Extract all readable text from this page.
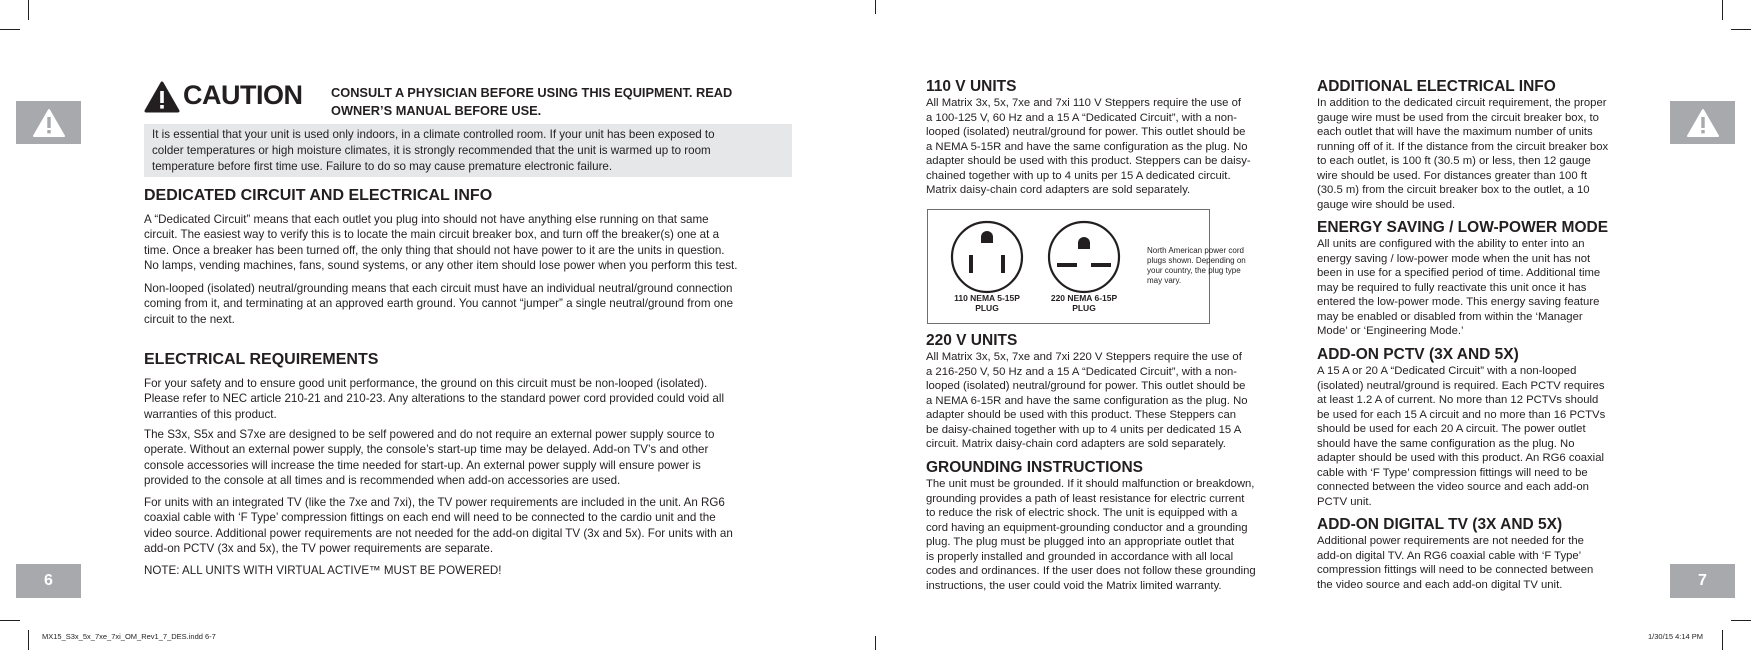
6	7
CAUTION CONSULT A PHYSICIAN BEFORE USING THIS EQUIPMENT. READ
OWNER’S MANUAL BEFORE USE.
It is essential that your unit is used only indoors, in a climate controlled room. If your unit has been exposed to
colder temperatures or high moisture climates, it is strongly recommended that the unit is warmed up to room
temperature before first time use. Failure to do so may cause premature electronic failure.
DEDICATED CIRCUIT AND ELECTRICAL INFO

A “Dedicated Circuit” means that each outlet you plug into should not have anything else running on that same

circuit. The easiest way to verify this is to locate the main circuit breaker box, and turn off the breaker(s) one at a

time. Once a breaker has been turned off, the only thing that should not have power to it are the units in question.

No lamps, vending machines, fans, sound systems, or any other item should lose power when you perform this test.

Non-looped (isolated) neutral/grounding means that each circuit must have an individual neutral/ground connection

coming from it, and terminating at an approved earth ground. You cannot “jumper” a single neutral/ground from one

circuit to the next.

ELECTRICAL REQUIREMENTS

For your safety and to ensure good unit performance, the ground on this circuit must be non-looped (isolated).

Please refer to NEC article 210-21 and 210-23. Any alterations to the standard power cord provided could void all

warranties of this product.

The S3x, S5x and S7xe are designed to be self powered and do not require an external power supply source to

operate. Without an external power supply, the console’s start-up time may be delayed. Add-on TV’s and other

console accessories will increase the time needed for start-up. An external power supply will ensure power is

provided to the console at all times and is recommended when add-on accessories are used.

For units with an integrated TV (like the 7xe and 7xi), the TV power requirements are included in the unit. An RG6

coaxial cable with ‘F Type’ compression fittings on each end will need to be connected to the cardio unit and the

video source. Additional power requirements are not needed for the add-on digital TV (3x and 5x). For units with an

add-on PCTV (3x and 5x), the TV power requirements are separate.

NOTE: ALL UNITS WITH VIRTUAL ACTIVE™ MUST BE POWERED!
110 V UNITS
All Matrix 3x, 5x, 7xe and 7xi 110 V Steppers require the use of
a 100-125 V, 60 Hz and a 15 A “Dedicated Circuit”, with a non-
looped (isolated) neutral/ground for power. This outlet should be
a NEMA 5-15R and have the same configuration as the plug. No
adapter should be used with this product. Steppers can be daisy-
chained together with up to 4 units per 15 A dedicated circuit.
Matrix daisy-chain cord adapters are sold separately.
110 NEMA 5-15P
PLUG
220 NEMA 6-15P
PLUG
North American power cord
plugs shown. Depending on
your country, the plug type
may vary.
220 V UNITS
All Matrix 3x, 5x, 7xe and 7xi 220 V Steppers require the use of
a 216-250 V, 50 Hz and a 15 A “Dedicated Circuit”, with a non-
looped (isolated) neutral/ground for power. This outlet should be
a NEMA 6-15R and have the same configuration as the plug. No
adapter should be used with this product. These Steppers can
be daisy-chained together with up to 4 units per dedicated 15 A
circuit. Matrix daisy-chain cord adapters are sold separately.
GROUNDING INSTRUCTIONS
The unit must be grounded. If it should malfunction or breakdown,
grounding provides a path of least resistance for electric current
to reduce the risk of electric shock. The unit is equipped with a
cord having an equipment-grounding conductor and a grounding
plug. The plug must be plugged into an appropriate outlet that
is properly installed and grounded in accordance with all local
codes and ordinances. If the user does not follow these grounding
instructions, the user could void the Matrix limited warranty.
ADDITIONAL ELECTRICAL INFO
In addition to the dedicated circuit requirement, the proper
gauge wire must be used from the circuit breaker box, to
each outlet that will have the maximum number of units
running off of it. If the distance from the circuit breaker box
to each outlet, is 100 ft (30.5 m) or less, then 12 gauge
wire should be used. For distances greater than 100 ft
(30.5 m) from the circuit breaker box to the outlet, a 10
gauge wire should be used.
ENERGY SAVING / LOW-POWER MODE
All units are configured with the ability to enter into an
energy saving / low-power mode when the unit has not
been in use for a specified period of time. Additional time
may be required to fully reactivate this unit once it has
entered the low-power mode. This energy saving feature
may be enabled or disabled from within the ‘Manager
Mode’ or ‘Engineering Mode.’
ADD-ON PCTV (3X AND 5X)
A 15 A or 20 A “Dedicated Circuit” with a non-looped
(isolated) neutral/ground is required. Each PCTV requires
at least 1.2 A of current. No more than 12 PCTVs should
be used for each 15 A circuit and no more than 16 PCTVs
should be used for each 20 A circuit. The power outlet
should have the same configuration as the plug. No
adapter should be used with this product. An RG6 coaxial
cable with ‘F Type’ compression fittings will need to be
connected between the video source and each add-on
PCTV unit.
ADD-ON DIGITAL TV (3X AND 5X)
Additional power requirements are not needed for the
add-on digital TV. An RG6 coaxial cable with ‘F Type’
compression fittings will need to be connected between
the video source and each add-on digital TV unit.
MX15_S3x_5x_7xe_7xi_OM_Rev1_7_DES.indd 6-7	1/30/15 4:14 PM
